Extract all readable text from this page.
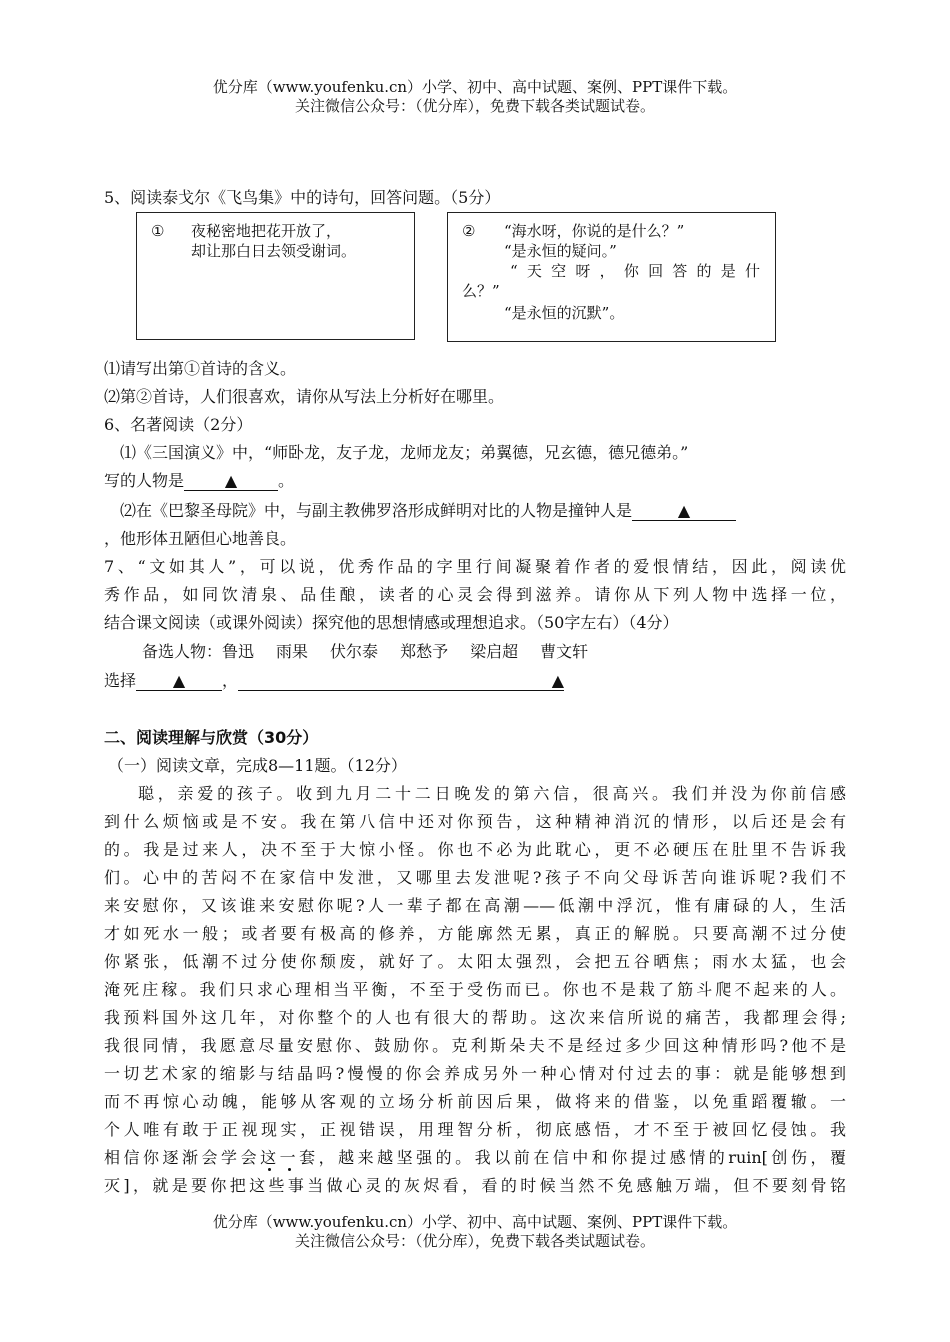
优分库（www.youfenku.cn）小学、初中、高中试题、案例、PPT课件下载。
关注微信公众号：（优分库），免费下载各类试题试卷。
5、阅读泰戈尔《飞鸟集》中的诗句，回答问题。（5分）
① 夜秘密地把花开放了，
却让那白日去领受谢词。
② “海水呀，你说的是什么？”
“是永恒的疑问。”
“天空呀，你回答的是什
么？”
“是永恒的沉默”。
⑴请写出第①首诗的含义。
⑵第②首诗，人们很喜欢，请你从写法上分析好在哪里。
6、名著阅读（2分）
⑴《三国演义》中，“师卧龙，友子龙，龙师龙友；弟翼德，兄玄德，德兄德弟。”
写的人物是	▲	。
⑵在《巴黎圣母院》中，与副主教佛罗洛形成鲜明对比的人物是撞钟人是	▲
，他形体丑陋但心地善良。
7、“文如其人”，可以说，优秀作品的字里行间凝聚着作者的爱恨情结，因此，阅读优
秀作品，如同饮清泉、品佳酿，读者的心灵会得到滋养。请你从下列人物中选择一位，
结合课文阅读（或课外阅读）探究他的思想情感或理想追求。（50字左右）（4分）
备选人物：鲁迅 雨果 伏尔泰 郑愁予 梁启超 曹文轩
选择 ▲ ，	▲
二、阅读理解与欣赏（30分）
（一）阅读文章，完成8—11题。（12分）
聪，亲爱的孩子。收到九月二十二日晚发的第六信，很高兴。我们并没为你前信感
到什么烦恼或是不安。我在第八信中还对你预告，这种精神消沉的情形，以后还是会有
的。我是过来人，决不至于大惊小怪。你也不必为此耽心，更不必硬压在肚里不告诉我
们。心中的苦闷不在家信中发泄，又哪里去发泄呢?孩子不向父母诉苦向谁诉呢?我们不
来安慰你，又该谁来安慰你呢?人一辈子都在高潮——低潮中浮沉，惟有庸碌的人，生活
才如死水一般；或者要有极高的修养，方能廓然无累，真正的解脱。只要高潮不过分使
你紧张，低潮不过分使你颓废，就好了。太阳太强烈，会把五谷晒焦；雨水太猛，也会
淹死庄稼。我们只求心理相当平衡，不至于受伤而已。你也不是栽了筋斗爬不起来的人。
我预料国外这几年，对你整个的人也有很大的帮助。这次来信所说的痛苦，我都理会得;
我很同情，我愿意尽量安慰你、鼓励你。克利斯朵夫不是经过多少回这种情形吗?他不是
一切艺术家的缩影与结晶吗?慢慢的你会养成另外一种心情对付过去的事：就是能够想到
而不再惊心动魄，能够从客观的立场分析前因后果，做将来的借鉴，以免重蹈覆辙。一
个人唯有敢于正视现实，正视错误，用理智分析，彻底感悟，才不至于被回忆侵蚀。我
相信你逐渐会学会这
一
套，越来越坚强的。我以前在信中和你提过感情的ruin[创伤，覆
灭]，就是要你把这些事当做心灵的灰烬看，看的时候当然不免感触万端，但不要刻骨铭
优分库（www.youfenku.cn）小学、初中、高中试题、案例、PPT课件下载。
关注微信公众号：（优分库），免费下载各类试题试卷。
